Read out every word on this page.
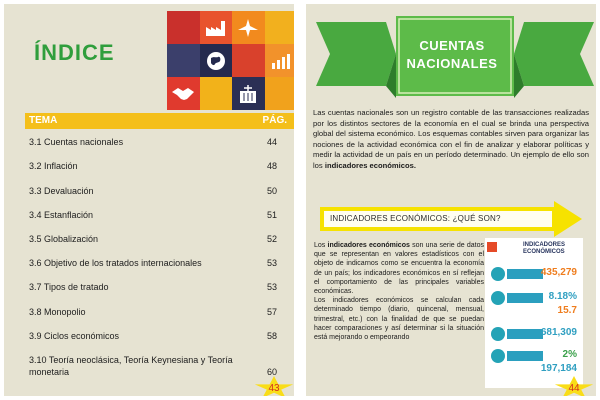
ÍNDICE
TEMA	PÁG.
3.1 Cuentas nacionales	44
3.2 Inflación	48
3.3 Devaluación	50
3.4 Estanflación	51
3.5 Globalización	52
3.6 Objetivo de los tratados internacionales	53
3.7 Tipos de tratado	53
3.8 Monopolio	57
3.9 Ciclos económicos	58
3.10 Teoría neoclásica, Teoría Keynesiana y Teoría monetaria	60
43
CUENTAS
NACIONALES

Las cuentas nacionales son un registro contable de las transacciones realizadas por los distintos sectores de la economía en el cual se brinda una perspectiva global del sistema económico. Los esquemas contables sirven para organizar las nociones de la actividad económica con el fin de analizar y elaborar políticas y medir la actividad de un país en un período determinado. Un ejemplo de ello son los indicadores económicos.

INDICADORES ECONÓMICOS: ¿QUÉ SON?

Los indicadores económicos son una serie de datos que se representan en valores estadísticos con el objeto de indicarnos como se encuentra la economía de un país; los indicadores económicos en sí reflejan el comportamiento de las principales variables económicas.
Los indicadores económicos se calculan cada determinado tiempo (diario, quincenal, mensual, trimestral, etc.) con la finalidad de que se puedan hacer comparaciones y así determinar si la situación está mejorando o empeorando

INDICADORES ECONÓMICOS
435,279
8.18%
15.7
681,309
2%
197,184
44
